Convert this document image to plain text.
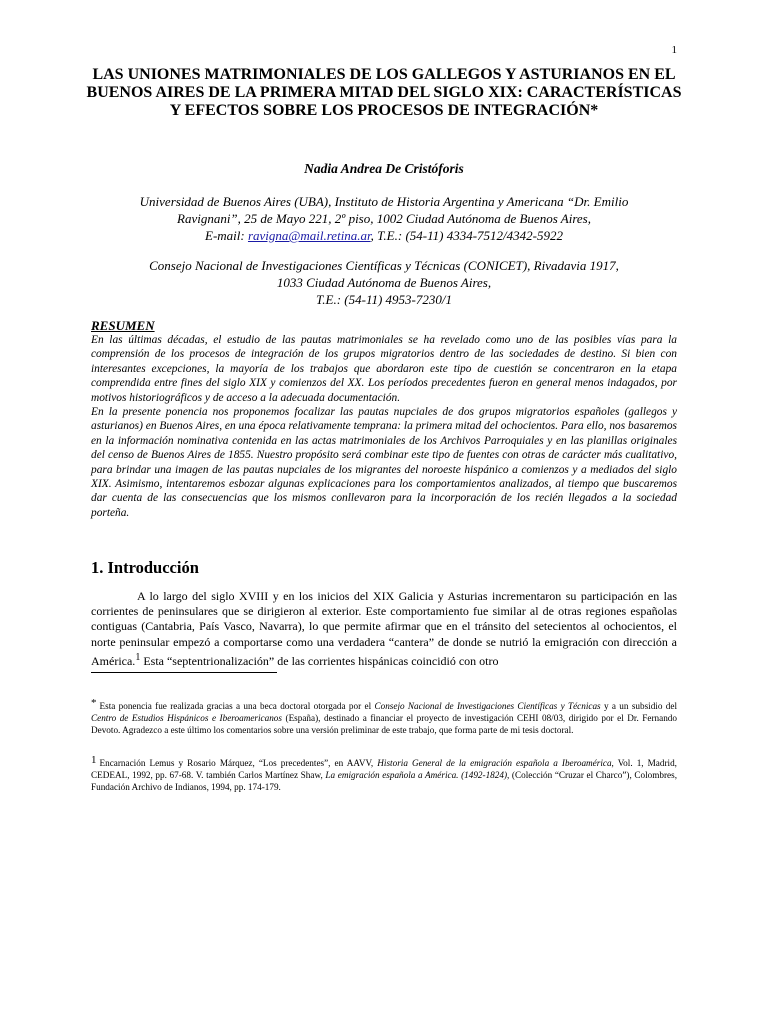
1
LAS UNIONES MATRIMONIALES DE LOS GALLEGOS Y ASTURIANOS EN EL BUENOS AIRES DE LA PRIMERA MITAD DEL SIGLO XIX: CARACTERÍSTICAS Y EFECTOS SOBRE LOS PROCESOS DE INTEGRACIÓN*
Nadia Andrea De Cristóforis
Universidad de Buenos Aires (UBA), Instituto de Historia Argentina y Americana “Dr. Emilio
Ravignani”, 25 de Mayo 221, 2º piso, 1002 Ciudad Autónoma de Buenos Aires,
E-mail: ravigna@mail.retina.ar, T.E.: (54-11) 4334-7512/4342-5922
Consejo Nacional de Investigaciones Científicas y Técnicas (CONICET), Rivadavia 1917,
1033 Ciudad Autónoma de Buenos Aires,
T.E.: (54-11) 4953-7230/1
RESUMEN

En las últimas décadas, el estudio de las pautas matrimoniales se ha revelado como uno de las posibles vías para la comprensión de los procesos de integración de los grupos migratorios dentro de las sociedades de destino. Si bien con interesantes excepciones, la mayoría de los trabajos que abordaron este tipo de cuestión se concentraron en la etapa comprendida entre fines del siglo XIX y comienzos del XX. Los períodos precedentes fueron en general menos indagados, por motivos historiográficos y de acceso a la adecuada documentación.

En la presente ponencia nos proponemos focalizar las pautas nupciales de dos grupos migratorios españoles (gallegos y asturianos) en Buenos Aires, en una época relativamente temprana: la primera mitad del ochocientos. Para ello, nos basaremos en la información nominativa contenida en las actas matrimoniales de los Archivos Parroquiales y en las planillas originales del censo de Buenos Aires de 1855. Nuestro propósito será combinar este tipo de fuentes con otras de carácter más cualitativo, para brindar una imagen de las pautas nupciales de los migrantes del noroeste hispánico a comienzos y a mediados del siglo XIX. Asimismo, intentaremos esbozar algunas explicaciones para los comportamientos analizados, al tiempo que buscaremos dar cuenta de las consecuencias que los mismos conllevaron para la incorporación de los recién llegados a la sociedad porteña.

1. Introducción

A lo largo del siglo XVIII y en los inicios del XIX Galicia y Asturias incrementaron su participación en las corrientes de peninsulares que se dirigieron al exterior. Este comportamiento fue similar al de otras regiones españolas contiguas (Cantabria, País Vasco, Navarra), lo que permite afirmar que en el tránsito del setecientos al ochocientos, el norte peninsular empezó a comportarse como una verdadera “cantera” de donde se nutrió la emigración con dirección a América.$^1$ Esta “septentrionalización” de las corrientes hispánicas coincidió con otro

* Esta ponencia fue realizada gracias a una beca doctoral otorgada por el Consejo Nacional de Investigaciones Científicas y Técnicas y a un subsidio del Centro de Estudios Hispánicos e Iberoamericanos (España), destinado a financiar el proyecto de investigación CEHI 08/03, dirigido por el Dr. Fernando Devoto. Agradezco a este último los comentarios sobre una versión preliminar de este trabajo, que forma parte de mi tesis doctoral.
1 Encarnación Lemus y Rosario Márquez, “Los precedentes”, en AAVV, Historia General de la emigración española a Iberoamérica, Vol. 1, Madrid, CEDEAL, 1992, pp. 67-68. V. también Carlos Martínez Shaw, La emigración española a América. (1492-1824), (Colección “Cruzar el Charco”), Colombres, Fundación Archivo de Indianos, 1994, pp. 174-179.
